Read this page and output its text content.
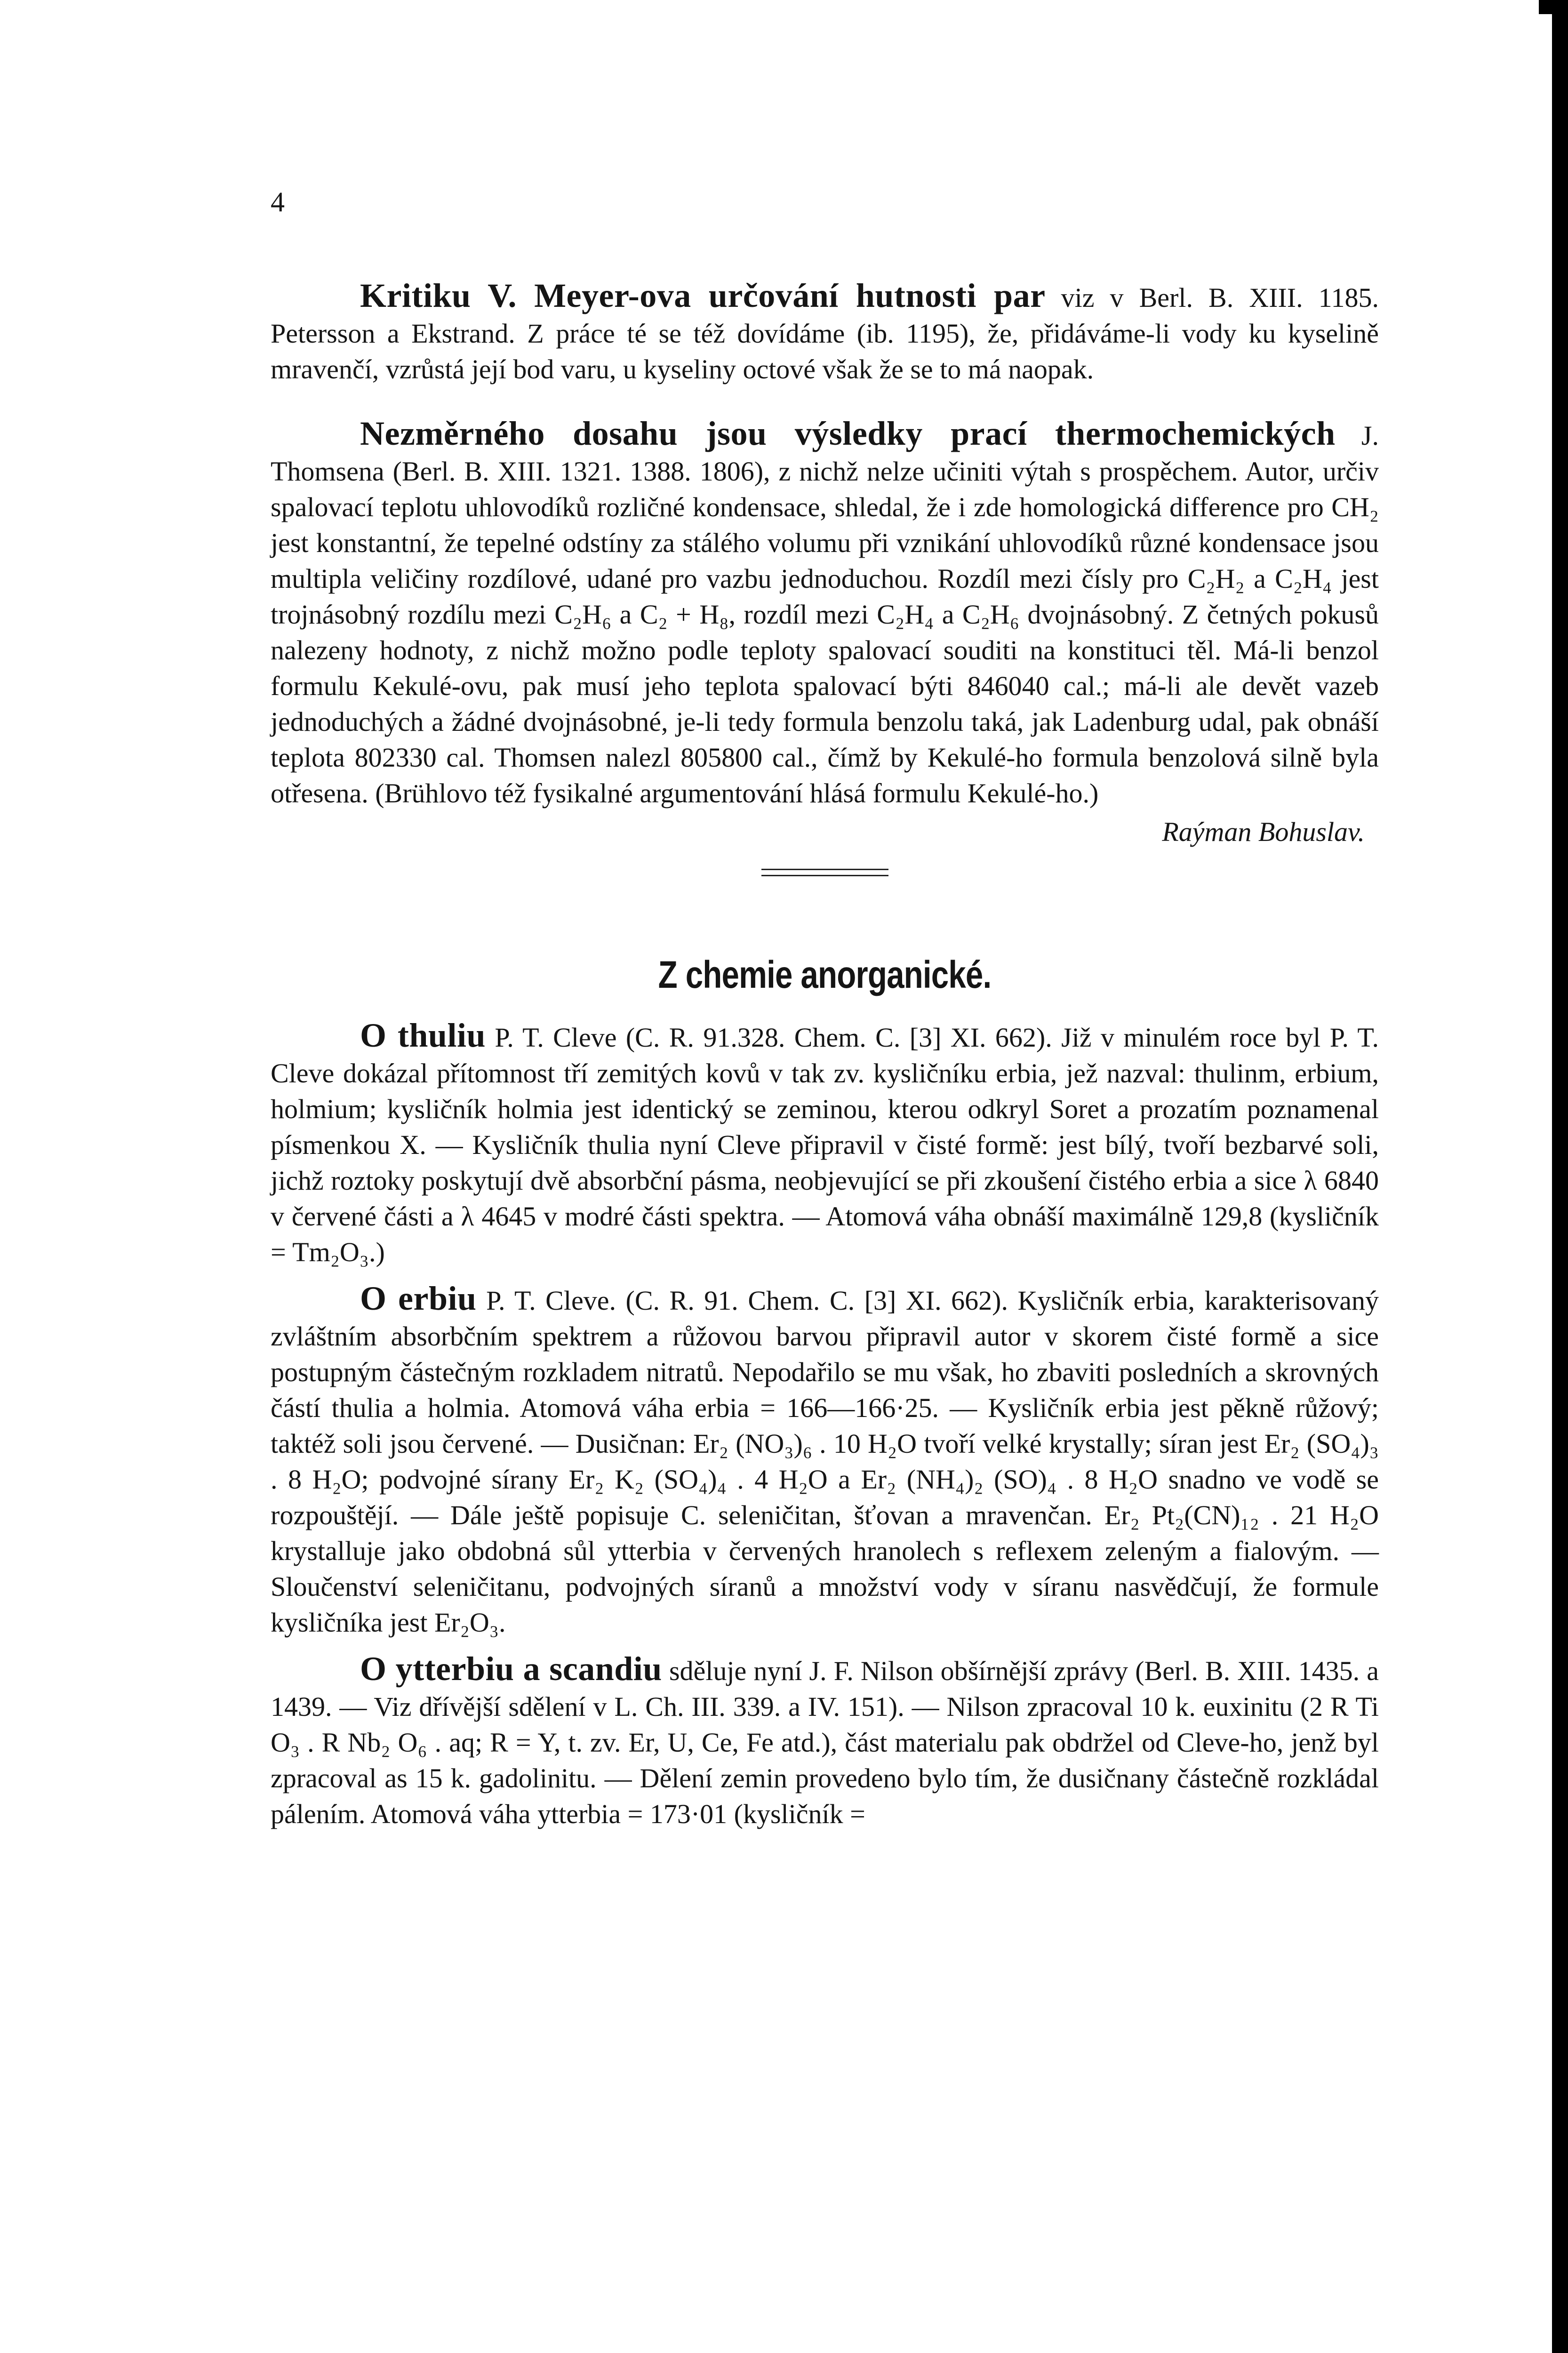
4

Kritiku V. Meyer-ova určování hutnosti par viz v Berl. B. XIII. 1185. Petersson a Ekstrand. Z práce té se též dovídáme (ib. 1195), že, přidáváme-li vody ku kyselině mravenčí, vzrůstá její bod varu, u kyseliny octové však že se to má naopak.

Nezměrného dosahu jsou výsledky prací thermochemických J. Thomsena (Berl. B. XIII. 1321. 1388. 1806), z nichž nelze učiniti výtah s prospěchem. Autor, určiv spalovací teplotu uhlovodíků rozličné kondensace, shledal, že i zde homologická difference pro CH₂ jest konstantní, že tepelné odstíny za stálého volumu při vznikání uhlovodíků různé kondensace jsou multipla veličiny rozdílové, udané pro vazbu jednoduchou. Rozdíl mezi čísly pro C₂H₂ a C₂H₄ jest trojnásobný rozdílu mezi C₂H₆ a C₂ + H₈, rozdíl mezi C₂H₄ a C₂H₆ dvojnásobný. Z četných pokusů nalezeny hodnoty, z nichž možno podle teploty spalovací souditi na konstituci těl. Má-li benzol formulu Kekulé-ovu, pak musí jeho teplota spalovací býti 846040 cal.; má-li ale devět vazeb jednoduchých a žádné dvojnásobné, je-li tedy formula benzolu taká, jak Ladenburg udal, pak obnáší teplota 802330 cal. Thomsen nalezl 805800 cal., čímž by Kekulé-ho formula benzolová silně byla otřesena. (Brühlovo též fysikalné argumentování hlásá formulu Kekulé-ho.)

Raýman Bohuslav.

Z chemie anorganické.

O thuliu P. T. Cleve (C. R. 91.328. Chem. C. [3] XI. 662). Již v minulém roce byl P. T. Cleve dokázal přítomnost tří zemitých kovů v tak zv. kysličníku erbia, jež nazval: thulinm, erbium, holmium; kysličník holmia jest identický se zeminou, kterou odkryl Soret a prozatím poznamenal písmenkou X. — Kysličník thulia nyní Cleve připravil v čisté formě: jest bílý, tvoří bezbarvé soli, jichž roztoky poskytují dvě absorbční pásma, neobjevující se při zkoušení čistého erbia a sice λ 6840 v červené části a λ 4645 v modré části spektra. — Atomová váha obnáší maximálně 129,8 (kysličník = Tm₂O₃.)

O erbiu P. T. Cleve. (C. R. 91. Chem. C. [3] XI. 662). Kysličník erbia, karakterisovaný zvláštním absorbčním spektrem a růžovou barvou připravil autor v skorem čisté formě a sice postupným částečným rozkladem nitratů. Nepodařilo se mu však, ho zbaviti posledních a skrovných částí thulia a holmia. Atomová váha erbia = 166—166·25. — Kysličník erbia jest pěkně růžový; taktéž soli jsou červené. — Dusičnan: Er₂ (NO₃)₆ . 10 H₂O tvoří velké krystally; síran jest Er₂ (SO₄)₃ . 8 H₂O; podvojné sírany Er₂ K₂ (SO₄)₄ . 4 H₂O a Er₂ (NH₄)₂ (SO)₄ . 8 H₂O snadno ve vodě se rozpouštějí. — Dále ještě popisuje C. seleničitan, šťovan a mravenčan. Er₂ Pt₂(CN)₁₂ . 21 H₂O krystalluje jako obdobná sůl ytterbia v červených hranolech s reflexem zeleným a fialovým. — Sloučenství seleničitanu, podvojných síranů a množství vody v síranu nasvědčují, že formule kysličníka jest Er₂O₃.

O ytterbiu a scandiu sděluje nyní J. F. Nilson obšírnější zprávy (Berl. B. XIII. 1435. a 1439. — Viz dřívější sdělení v L. Ch. III. 339. a IV. 151). — Nilson zpracoval 10 k. euxinitu (2 R Ti O₃ . R Nb₂ O₆ . aq; R = Y, t. zv. Er, U, Ce, Fe atd.), část materialu pak obdržel od Cleve-ho, jenž byl zpracoval as 15 k. gadolinitu. — Dělení zemin provedeno bylo tím, že dusičnany částečně rozkládal pálením. Atomová váha ytterbia = 173·01 (kysličník =
